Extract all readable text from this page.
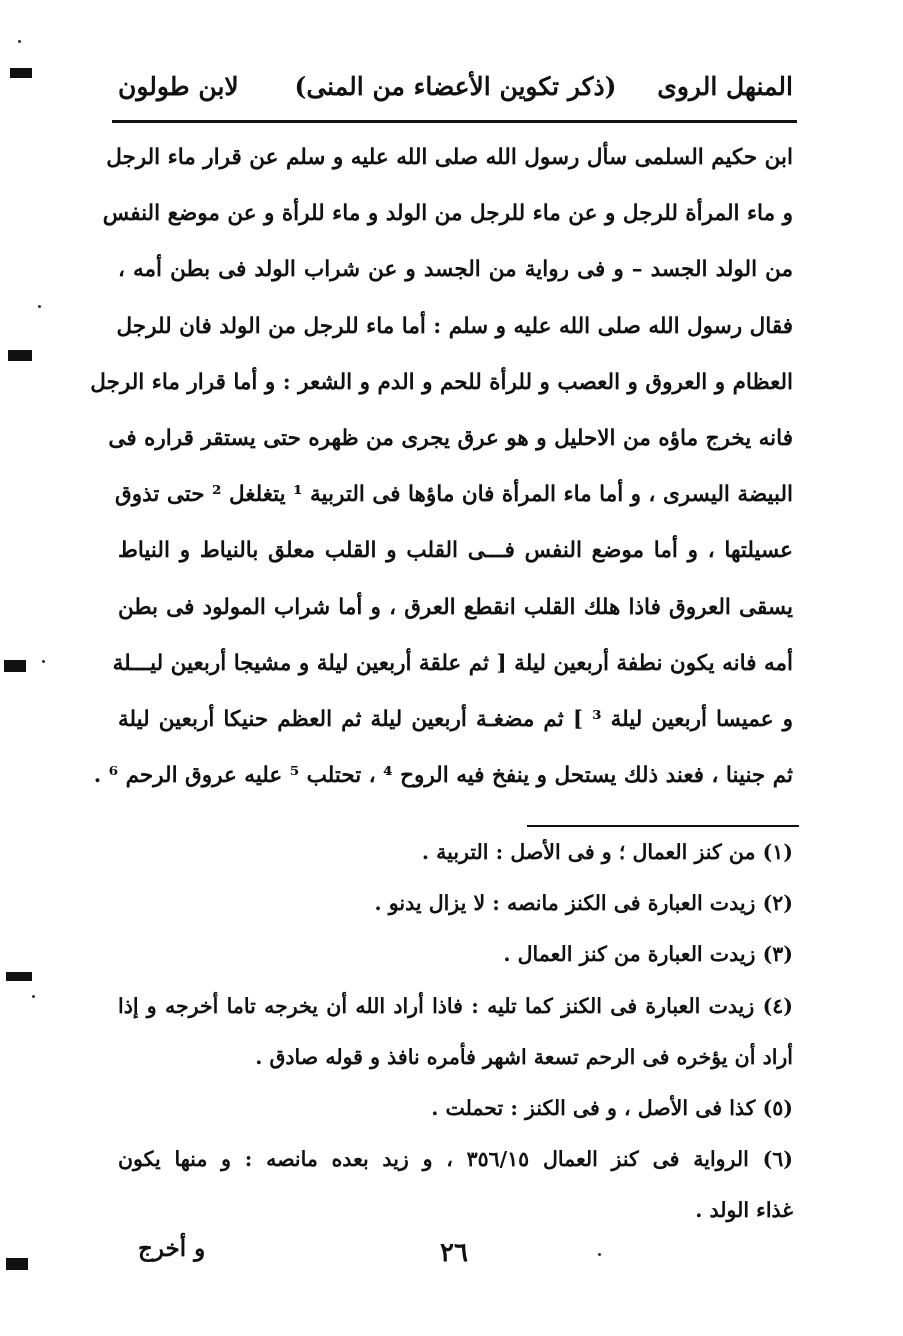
المنهل الروى
(ذكر تكوين الأعضاء من المنى)
لابن طولون
ابن حكيم السلمى سأل رسول الله صلى الله عليه و سلم عن قرار ماء الرجل
و ماء المرأة للرجل و عن ماء للرجل من الولد و ماء للرأة و عن موضع النفس
من الولد الجسد – و فى رواية من الجسد و عن شراب الولد فى بطن أمه ،
فقال رسول الله صلى الله عليه و سلم : أما ماء للرجل من الولد فان للرجل
العظام و العروق و العصب و للرأة للحم و الدم و الشعر : و أما قرار ماء الرجل
فانه يخرج ماؤه من الاحليل و هو عرق يجرى من ظهره حتى يستقر قراره فى
البيضة اليسرى ، و أما ماء المرأة فان ماؤها فى التربية ¹ يتغلغل ² حتى تذوق
عسيلتها ، و أما موضع النفس فـــى القلب و القلب معلق بالنياط و النياط
يسقى العروق فاذا هلك القلب انقطع العرق ، و أما شراب المولود فى بطن
أمه فانه يكون نطفة أربعين ليلة [ ثم علقة أربعين ليلة و مشيجا أربعين ليـــلة
و عميسا أربعين ليلة ³ ] ثم مضغـة أربعين ليلة ثم العظم حنيكا أربعين ليلة
ثم جنينا ، فعند ذلك يستحل و ينفخ فيه الروح ⁴ ، تحتلب ⁵ عليه عروق الرحم ⁶ .
(١) من كنز العمال ؛ و فى الأصل : التربية .
(٢) زيدت العبارة فى الكنز مانصه : لا يزال يدنو .
(٣) زيدت العبارة من كنز العمال .
(٤) زيدت العبارة فى الكنز كما تليه : فاذا أراد الله أن يخرجه تاما أخرجه و إذا
أراد أن يؤخره فى الرحم تسعة اشهر فأمره نافذ و قوله صادق .
(٥) كذا فى الأصل ، و فى الكنز : تحملت .
(٦) الرواية فى كنز العمال ٣٥٦/١٥ ، و زيد بعده مانصه : و منها يكون
غذاء الولد .
٢٦
و أخرج
